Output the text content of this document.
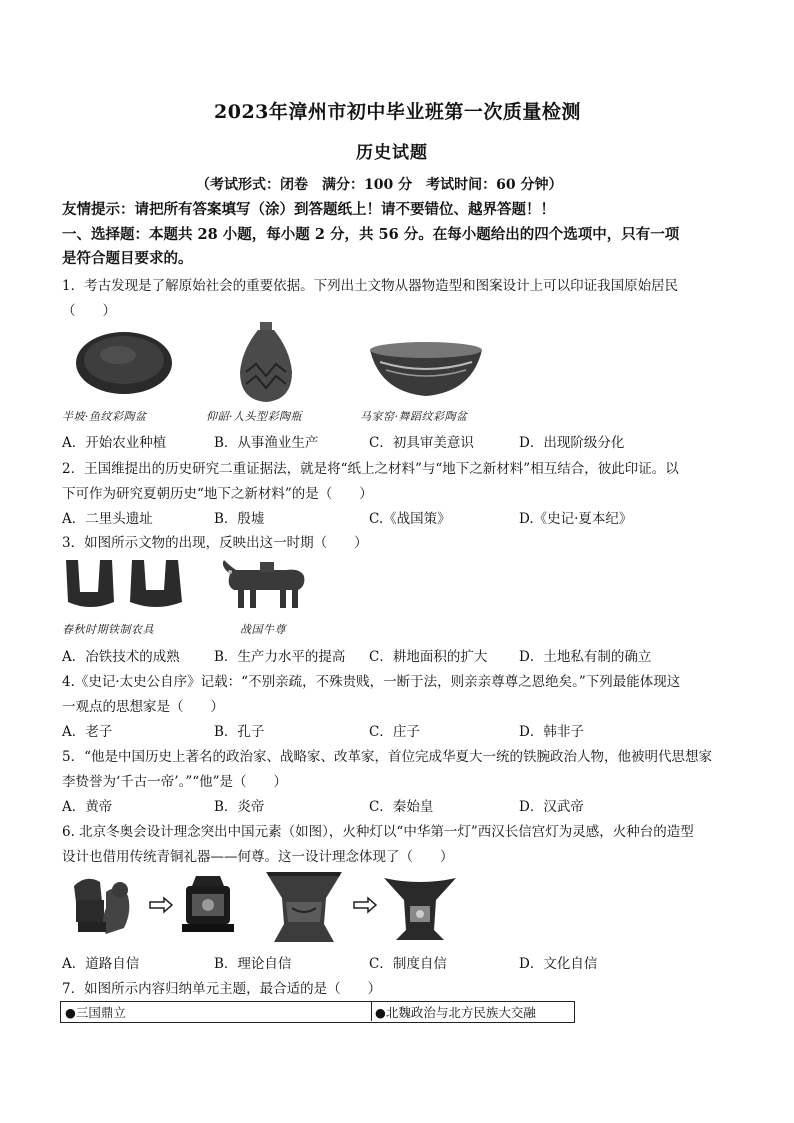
2023年漳州市初中毕业班第一次质量检测
历史试题
（考试形式：闭卷　满分：100 分　考试时间：60 分钟）
友情提示：请把所有答案填写（涂）到答题纸上！请不要错位、越界答题！！
一、选择题：本题共 28 小题，每小题 2 分，共 56 分。在每小题给出的四个选项中，只有一项
是符合题目要求的。
1．考古发现是了解原始社会的重要依据。下列出土文物从器物造型和图案设计上可以印证我国原始居民
（　　）
半坡·鱼纹彩陶盆	仰韶·人头型彩陶瓶	马家窑·舞蹈纹彩陶盆
A．开始农业种植	B．从事渔业生产	C．初具审美意识	D．出现阶级分化
2．王国维提出的历史研究二重证据法，就是将“纸上之材料”与“地下之新材料”相互结合，彼此印证。以
下可作为研究夏朝历史“地下之新材料”的是（　　）
A．二里头遗址	B．殷墟	C.《战国策》	D.《史记·夏本纪》
3．如图所示文物的出现，反映出这一时期（　　）
春秋时期铁制农具	战国牛尊
A．冶铁技术的成熟	B．生产力水平的提高 C．耕地面积的扩大 D．土地私有制的确立
4.《史记·太史公自序》记载：“不别亲疏，不殊贵贱，一断于法，则亲亲尊尊之恩绝矣。”下列最能体现这
一观点的思想家是（　　）
A．老子	B．孔子	C．庄子	D．韩非子
5．“他是中国历史上著名的政治家、战略家、改革家，首位完成华夏大一统的铁腕政治人物，他被明代思想家
李贽誉为‘千古一帝’。”“他”是（　　）
A．黄帝	B．炎帝	C．秦始皇	D．汉武帝
6. 北京冬奥会设计理念突出中国元素（如图），火种灯以“中华第一灯”西汉长信宫灯为灵感，火种台的造型
设计也借用传统青铜礼器——何尊。这一设计理念体现了（　　）
A．道路自信	B．理论自信	C．制度自信	D．文化自信
7．如图所示内容归纳单元主题，最合适的是（　　）
●三国鼎立	●北魏政治与北方民族大交融
